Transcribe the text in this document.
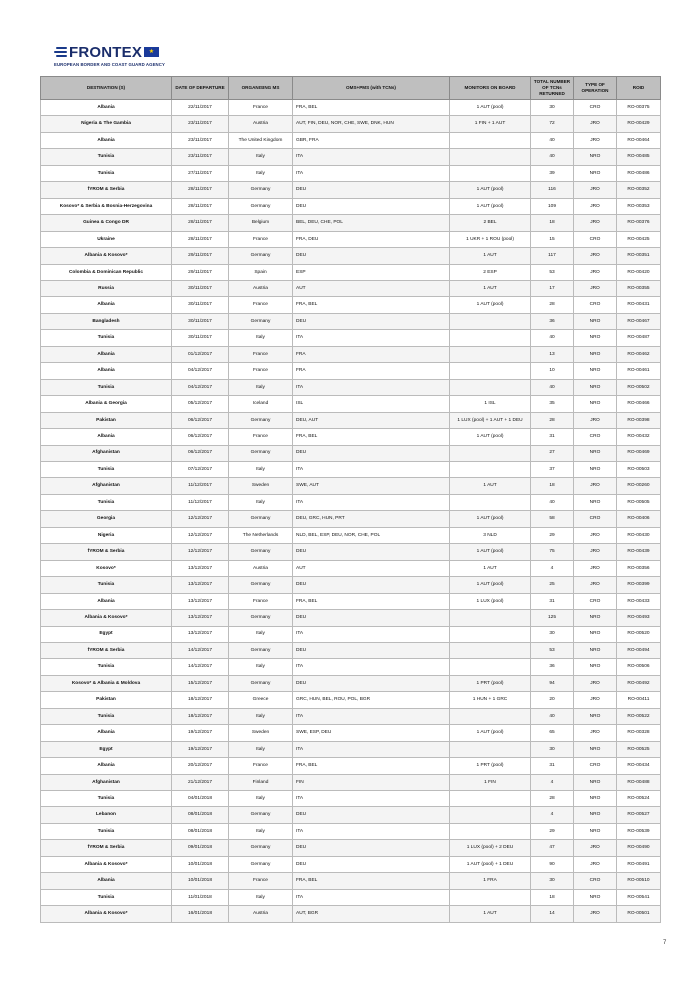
FRONTEX	★
EUROPEAN BORDER AND COAST GUARD AGENCY
DESTINATION (S)	DATE OF DEPARTURE	ORGANISING MS	OMS+PMS (with TCNs)	MONITORS ON BOARD	TOTAL NUMBER OF TCNs RETURNED	TYPE OF OPERATION	ROID
Albania	22/11/2017	France	FRA, BEL	1 AUT (pool)	30	CRO	RO-00375
Nigeria & The Gambia	23/11/2017	Austria	AUT, FIN, DEU, NOR, CHE, SWE, DNK, HUN	1 FIN + 1 AUT	72	JRO	RO-00429
Albania	23/11/2017	The United Kingdom	GBR, FRA		40	JRO	RO-00464
Tunisia	23/11/2017	Italy	ITA		40	NRO	RO-00485
Tunisia	27/11/2017	Italy	ITA		39	NRO	RO-00486
fYROM & Serbia	28/11/2017	Germany	DEU	1 AUT (pool)	116	JRO	RO-00352
Kosovo* & Serbia & Bosnia-Herzegovina	28/11/2017	Germany	DEU	1 AUT (pool)	109	JRO	RO-00353
Guinea & Congo DR	28/11/2017	Belgium	BEL, DEU, CHE, POL	2 BEL	18	JRO	RO-00376
Ukraine	28/11/2017	France	FRA, DEU	1 UKR + 1 ROU (pool)	15	CRO	RO-00425
Albania & Kosovo*	29/11/2017	Germany	DEU	1 AUT	117	JRO	RO-00351
Colombia & Dominican Republic	29/11/2017	Spain	ESP	2 ESP	53	JRO	RO-00420
Russia	30/11/2017	Austria	AUT	1 AUT	17	JRO	RO-00355
Albania	30/11/2017	France	FRA, BEL	1 AUT (pool)	28	CRO	RO-00431
Bangladesh	30/11/2017	Germany	DEU		36	NRO	RO-00467
Tunisia	30/11/2017	Italy	ITA		40	NRO	RO-00487
Albania	01/12/2017	France	FRA		13	NRO	RO-00462
Albania	04/12/2017	France	FRA		10	NRO	RO-00461
Tunisia	04/12/2017	Italy	ITA		40	NRO	RO-00502
Albania & Georgia	05/12/2017	Iceland	ISL	1 ISL	35	NRO	RO-00466
Pakistan	06/12/2017	Germany	DEU, AUT	1 LUX (pool) + 1 AUT + 1 DEU	28	JRO	RO-00398
Albania	06/12/2017	France	FRA, BEL	1 AUT (pool)	31	CRO	RO-00432
Afghanistan	06/12/2017	Germany	DEU		27	NRO	RO-00469
Tunisia	07/12/2017	Italy	ITA		37	NRO	RO-00503
Afghanistan	11/12/2017	Sweden	SWE, AUT	1 AUT	18	JRO	RO-00260
Tunisia	11/12/2017	Italy	ITA		40	NRO	RO-00505
Georgia	12/12/2017	Germany	DEU, GRC, HUN, PRT	1 AUT (pool)	58	CRO	RO-00406
Nigeria	12/12/2017	The Netherlands	NLD, BEL, ESP, DEU, NOR, CHE, POL	3 NLD	29	JRO	RO-00430
fYROM & Serbia	12/12/2017	Germany	DEU	1 AUT (pool)	75	JRO	RO-00439
Kosovo*	13/12/2017	Austria	AUT	1 AUT	4	JRO	RO-00356
Tunisia	13/12/2017	Germany	DEU	1 AUT (pool)	25	JRO	RO-00399
Albania	13/12/2017	France	FRA, BEL	1 LUX (pool)	31	CRO	RO-00433
Albania & Kosovo*	13/12/2017	Germany	DEU		125	NRO	RO-00493
Egypt	13/12/2017	Italy	ITA		30	NRO	RO-00520
fYROM & Serbia	14/12/2017	Germany	DEU		53	NRO	RO-00494
Tunisia	14/12/2017	Italy	ITA		36	NRO	RO-00506
Kosovo* & Albania & Moldova	15/12/2017	Germany	DEU	1 PRT (pool)	94	JRO	RO-00492
Pakistan	18/12/2017	Greece	GRC, HUN, BEL, ROU, POL, BGR	1 HUN + 1 GRC	20	JRO	RO-00411
Tunisia	18/12/2017	Italy	ITA		40	NRO	RO-00522
Albania	19/12/2017	Sweden	SWE, ESP, DEU	1 AUT (pool)	65	JRO	RO-00328
Egypt	19/12/2017	Italy	ITA		30	NRO	RO-00525
Albania	20/12/2017	France	FRA, BEL	1 PRT (pool)	31	CRO	RO-00434
Afghanistan	21/12/2017	Finland	FIN	1 FIN	4	NRO	RO-00488
Tunisia	04/01/2018	Italy	ITA		28	NRO	RO-00524
Lebanon	08/01/2018	Germany	DEU		4	NRO	RO-00527
Tunisia	08/01/2018	Italy	ITA		29	NRO	RO-00539
fYROM & Serbia	09/01/2018	Germany	DEU	1 LUX (pool) + 2 DEU	47	JRO	RO-00490
Albania & Kosovo*	10/01/2018	Germany	DEU	1 AUT (pool) + 1 DEU	90	JRO	RO-00491
Albania	10/01/2018	France	FRA, BEL	1 FRA	30	CRO	RO-00510
Tunisia	11/01/2018	Italy	ITA		18	NRO	RO-00541
Albania & Kosovo*	16/01/2018	Austria	AUT, BGR	1 AUT	14	JRO	RO-00501
7
